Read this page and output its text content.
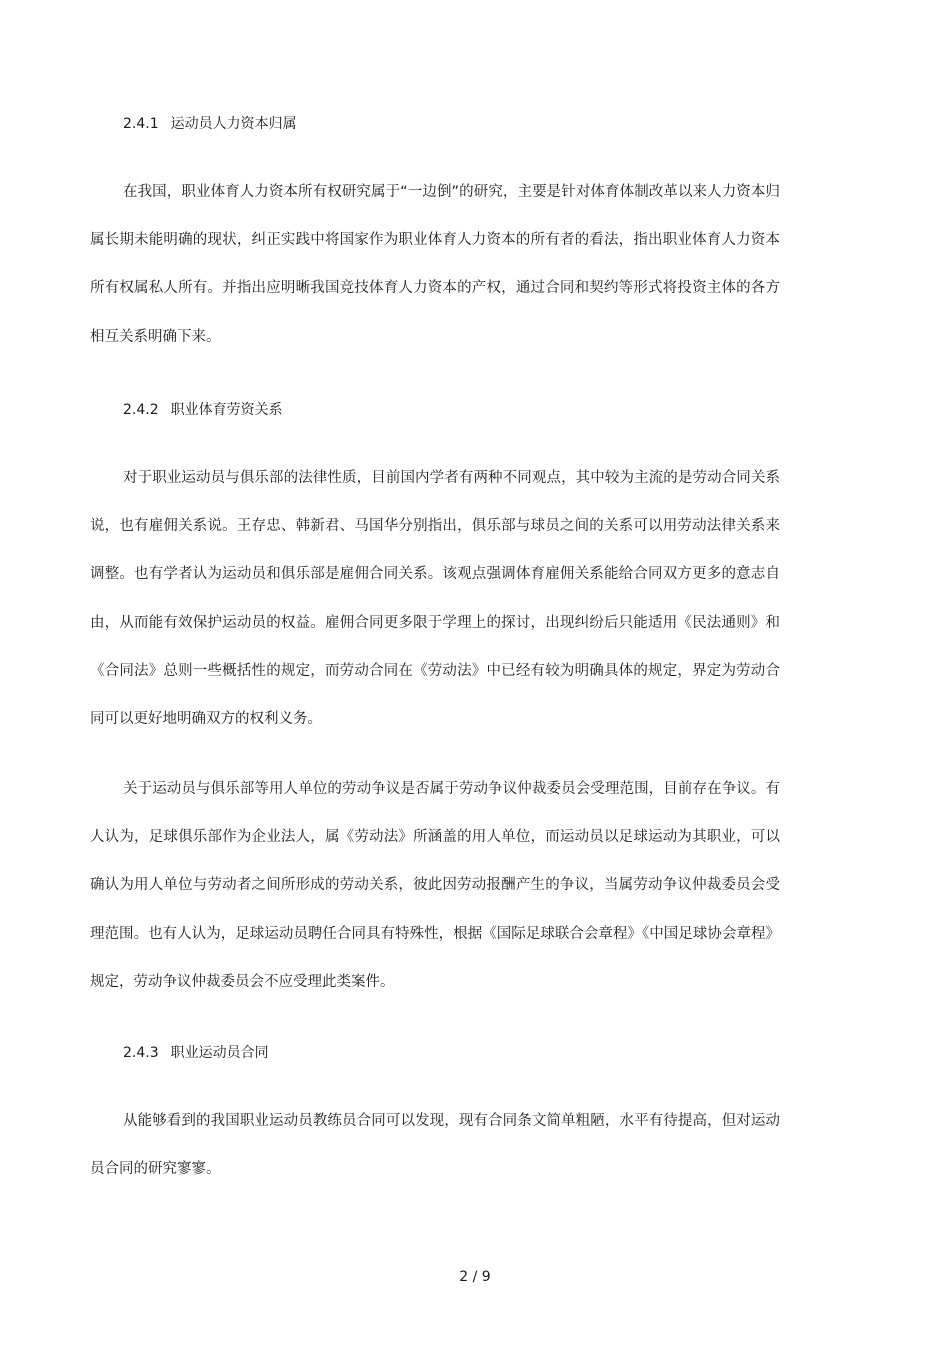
2.4.1 运动员人力资本归属

在我国，职业体育人力资本所有权研究属于“一边倒”的研究，主要是针对体育体制改革以来人力资本归属长期未能明确的现状，纠正实践中将国家作为职业体育人力资本的所有者的看法，指出职业体育人力资本所有权属私人所有。并指出应明晰我国竞技体育人力资本的产权，通过合同和契约等形式将投资主体的各方相互关系明确下来。

2.4.2 职业体育劳资关系

对于职业运动员与俱乐部的法律性质，目前国内学者有两种不同观点，其中较为主流的是劳动合同关系说，也有雇佣关系说。王存忠、韩新君、马国华分别指出，俱乐部与球员之间的关系可以用劳动法律关系来调整。也有学者认为运动员和俱乐部是雇佣合同关系。该观点强调体育雇佣关系能给合同双方更多的意志自由，从而能有效保护运动员的权益。雇佣合同更多限于学理上的探讨，出现纠纷后只能适用《民法通则》和《合同法》总则一些概括性的规定，而劳动合同在《劳动法》中已经有较为明确具体的规定，界定为劳动合同可以更好地明确双方的权利义务。

关于运动员与俱乐部等用人单位的劳动争议是否属于劳动争议仲裁委员会受理范围，目前存在争议。有人认为，足球俱乐部作为企业法人，属《劳动法》所涵盖的用人单位，而运动员以足球运动为其职业，可以确认为用人单位与劳动者之间所形成的劳动关系，彼此因劳动报酬产生的争议，当属劳动争议仲裁委员会受理范围。也有人认为，足球运动员聘任合同具有特殊性，根据《国际足球联合会章程》《中国足球协会章程》规定，劳动争议仲裁委员会不应受理此类案件。

2.4.3 职业运动员合同

从能够看到的我国职业运动员教练员合同可以发现，现有合同条文简单粗陋，水平有待提高，但对运动员合同的研究寥寥。

2 / 9
